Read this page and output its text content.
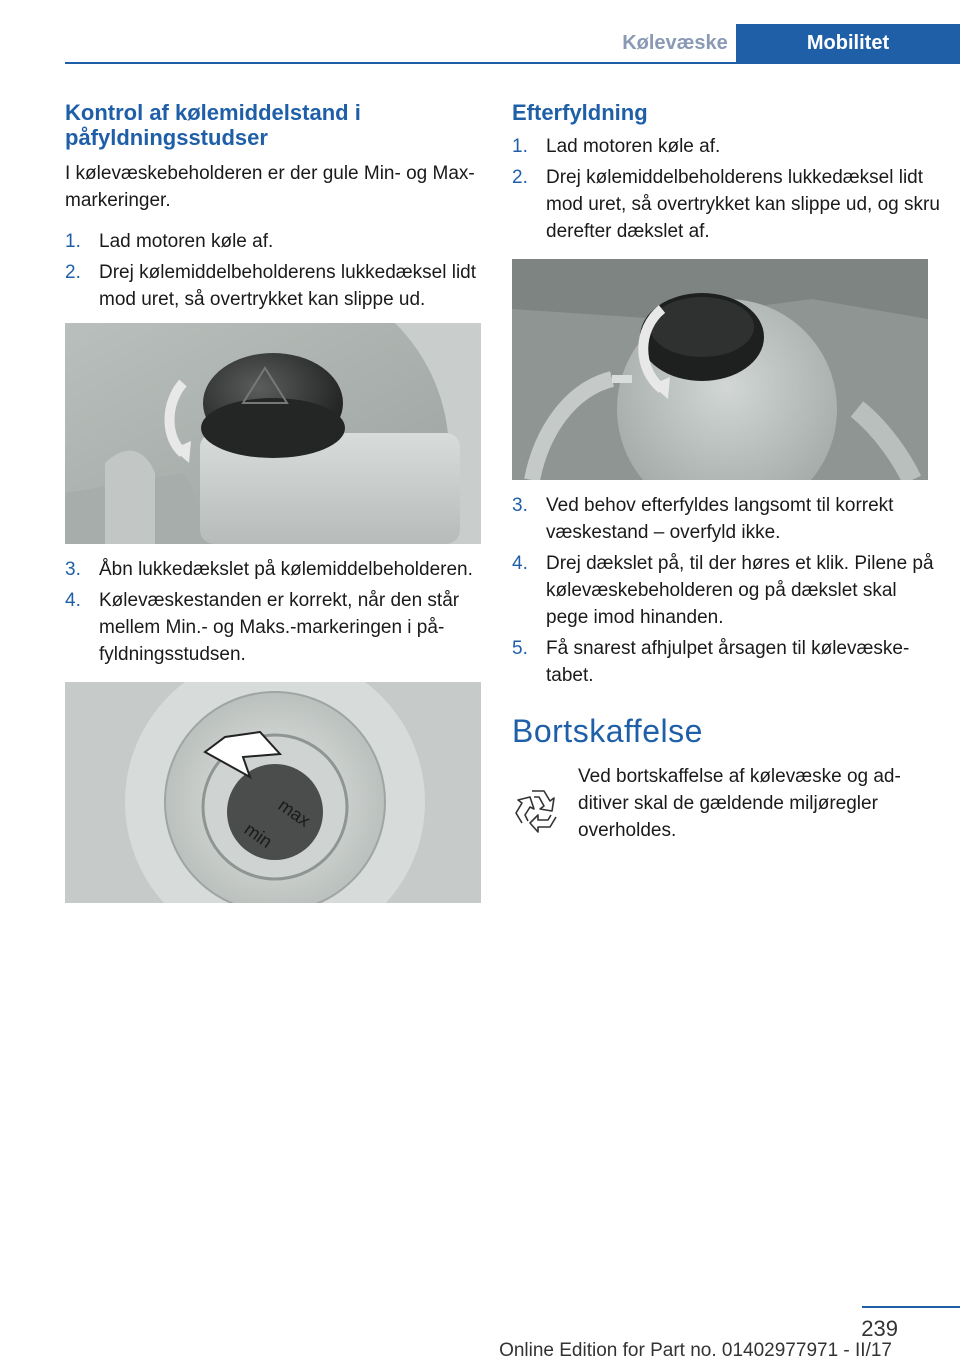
Kølevæske	Mobilitet
Kontrol af kølemiddelstand i påfyldningsstudser

I kølevæskebeholderen er der gule Min- og Max-markeringer.

1. Lad motoren køle af.
2. Drej kølemiddelbeholderens lukkedæksel lidt mod uret, så overtrykket kan slippe ud.
3. Åbn lukkedækslet på kølemiddelbeholderen.
4. Kølevæskestanden er korrekt, når den står mellem Min.- og Maks.-markeringen i påfyldningsstudsen.
max
min
Efterfyldning
1. Lad motoren køle af.
2. Drej kølemiddelbeholderens lukkedæksel lidt mod uret, så overtrykket kan slippe ud, og skru derefter dækslet af.
3. Ved behov efterfyldes langsomt til korrekt væskestand – overfyld ikke.
4. Drej dækslet på, til der høres et klik. Pilene på kølevæskebeholderen og på dækslet skal pege imod hinanden.
5. Få snarest afhjulpet årsagen til kølevæsketabet.
Bortskaffelse

Ved bortskaffelse af kølevæske og additiver skal de gældende miljøregler overholdes.

239
Online Edition for Part no. 01402977971 - II/17
